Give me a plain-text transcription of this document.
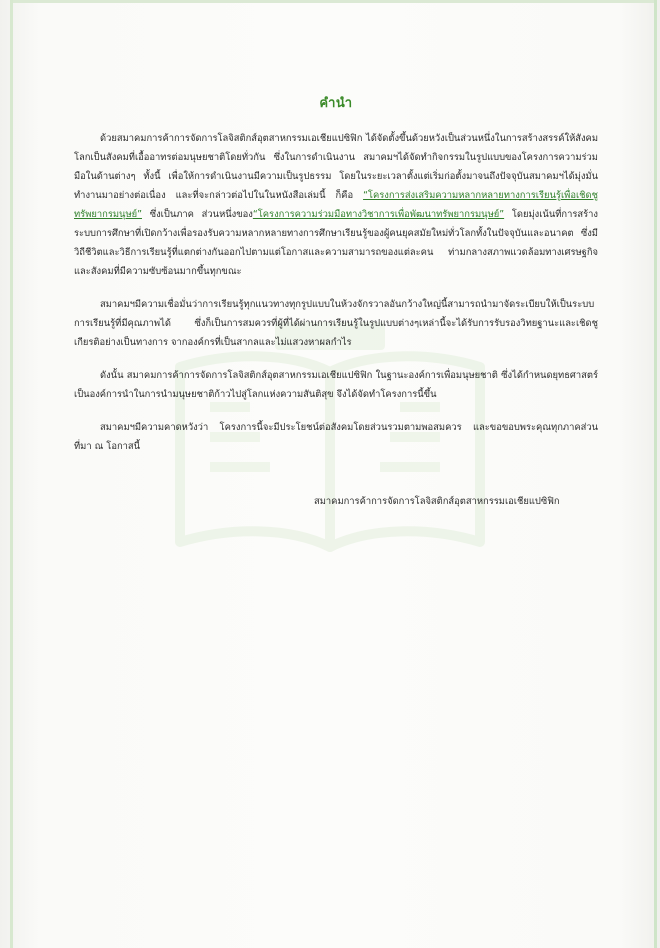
คำนำ

ด้วยสมาคมการค้าการจัดการโลจิสติกส์อุตสาหกรรมเอเชียแปซิฟิก ได้จัดตั้งขึ้นด้วยหวังเป็นส่วนหนึ่งในการสร้างสรรค์ให้สังคมโลกเป็นสังคมที่เอื้ออาทรต่อมนุษยชาติโดยทั่วกัน ซึ่งในการดำเนินงาน สมาคมฯได้จัดทำกิจกรรมในรูปแบบของโครงการความร่วมมือในด้านต่างๆ ทั้งนี้ เพื่อให้การดำเนินงานมีความเป็นรูปธรรม โดยในระยะเวลาตั้งแต่เริ่มก่อตั้งมาจนถึงปัจจุบันสมาคมฯได้มุ่งมั่นทำงานมาอย่างต่อเนื่อง และที่จะกล่าวต่อไปในในหนังสือเล่มนี้ ก็คือ “โครงการส่งเสริมความหลากหลายทางการเรียนรู้เพื่อเชิดชูทรัพยากรมนุษย์” ซึ่งเป็นภาค ส่วนหนึ่งของ“โครงการความร่วมมือทางวิชาการเพื่อพัฒนาทรัพยากรมนุษย์” โดยมุ่งเน้นที่การสร้างระบบการศึกษาที่เปิดกว้างเพื่อรองรับความหลากหลายทางการศึกษาเรียนรู้ของผู้คนยุคสมัยใหม่ทั่วโลกทั้งในปัจจุบันและอนาคต ซึ่งมีวิถีชีวิตและวิธีการเรียนรู้ที่แตกต่างกันออกไปตามแต่โอกาสและความสามารถของแต่ละคน ท่ามกลางสภาพแวดล้อมทางเศรษฐกิจและสังคมที่มีความซับซ้อนมากขึ้นทุกขณะ

สมาคมฯมีความเชื่อมั่นว่าการเรียนรู้ทุกแนวทางทุกรูปแบบในห้วงจักรวาลอันกว้างใหญ่นี้สามารถนำมาจัดระเบียบให้เป็นระบบการเรียนรู้ที่มีคุณภาพได้ ซึ่งก็เป็นการสมควรที่ผู้ที่ได้ผ่านการเรียนรู้ในรูปแบบต่างๆเหล่านี้จะได้รับการรับรองวิทยฐานะและเชิดชูเกียรติอย่างเป็นทางการ จากองค์กรที่เป็นสากลและไม่แสวงหาผลกำไร

ดังนั้น สมาคมการค้าการจัดการโลจิสติกส์อุตสาหกรรมเอเชียแปซิฟิก ในฐานะองค์การเพื่อมนุษยชาติ ซึ่งได้กำหนดยุทธศาสตร์เป็นองค์การนำในการนำมนุษยชาติก้าวไปสู่โลกแห่งความสันติสุข จึงได้จัดทำโครงการนี้ขึ้น

สมาคมฯมีความคาดหวังว่า โครงการนี้จะมีประโยชน์ต่อสังคมโดยส่วนรวมตามพอสมควร และขอขอบพระคุณทุกภาคส่วนที่มา ณ โอกาสนี้

สมาคมการค้าการจัดการโลจิสติกส์อุตสาหกรรมเอเชียแปซิฟิก
